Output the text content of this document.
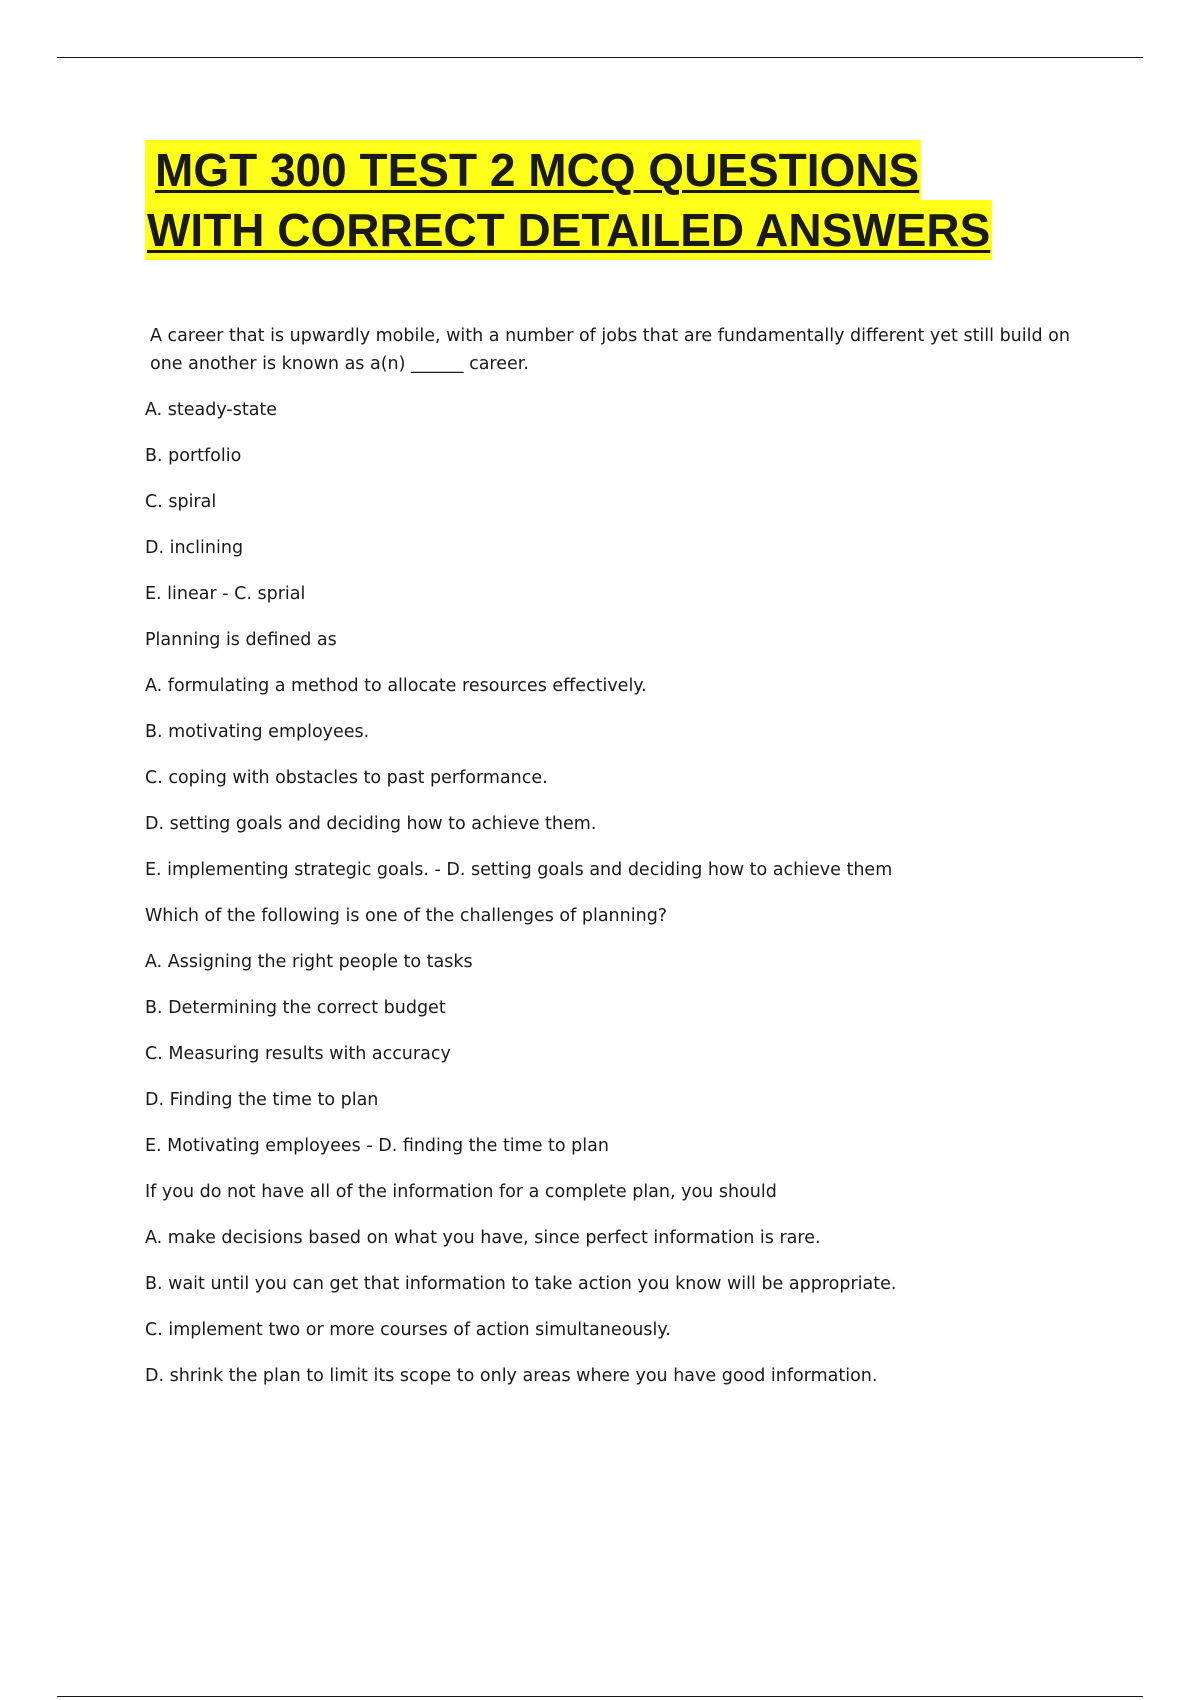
MGT 300 TEST 2 MCQ QUESTIONS
WITH CORRECT DETAILED ANSWERS

A career that is upwardly mobile, with a number of jobs that are fundamentally different yet still build on one another is known as a(n) ______ career.

A. steady-state

B. portfolio

C. spiral

D. inclining

E. linear - C. sprial

Planning is defined as

A. formulating a method to allocate resources effectively.

B. motivating employees.

C. coping with obstacles to past performance.

D. setting goals and deciding how to achieve them.

E. implementing strategic goals. - D. setting goals and deciding how to achieve them

Which of the following is one of the challenges of planning?

A. Assigning the right people to tasks

B. Determining the correct budget

C. Measuring results with accuracy

D. Finding the time to plan

E. Motivating employees - D. finding the time to plan

If you do not have all of the information for a complete plan, you should

A. make decisions based on what you have, since perfect information is rare.

B. wait until you can get that information to take action you know will be appropriate.

C. implement two or more courses of action simultaneously.

D. shrink the plan to limit its scope to only areas where you have good information.
